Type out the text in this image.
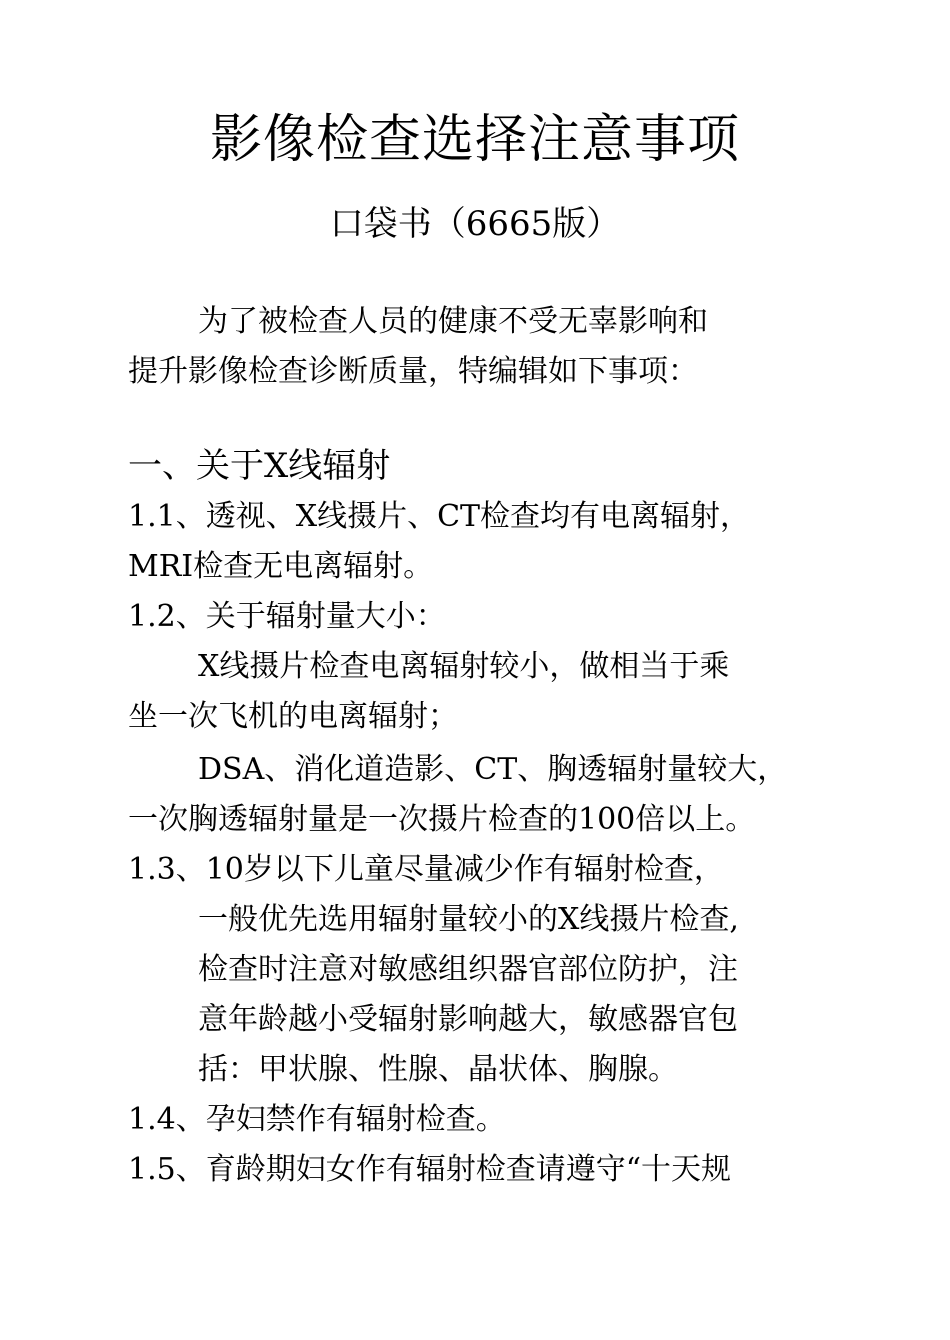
影像检查选择注意事项
口袋书（6665版）
为了被检查人员的健康不受无辜影响和
提升影像检查诊断质量，特编辑如下事项：
一、关于X线辐射
1.1、透视、X线摄片、CT检查均有电离辐射，
MRI检查无电离辐射。
1.2、关于辐射量大小：
X线摄片检查电离辐射较小，做相当于乘
坐一次飞机的电离辐射；
DSA、消化道造影、CT、胸透辐射量较大，
一次胸透辐射量是一次摄片检查的100倍以上。
1.3、10岁以下儿童尽量减少作有辐射检查，
一般优先选用辐射量较小的X线摄片检查,
检查时注意对敏感组织器官部位防护，注
意年龄越小受辐射影响越大，敏感器官包
括：甲状腺、性腺、晶状体、胸腺。
1.4、孕妇禁作有辐射检查。
1.5、育龄期妇女作有辐射检查请遵守“十天规
